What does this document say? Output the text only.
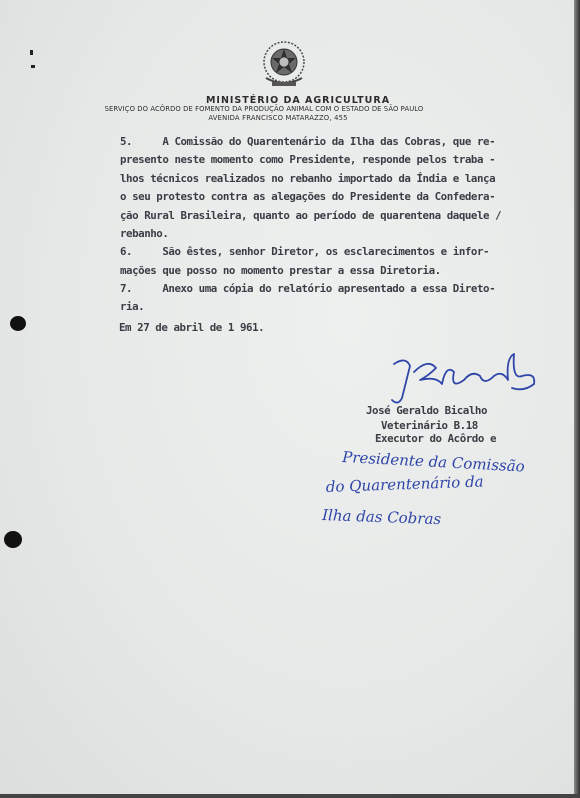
MINISTÉRIO DA AGRICULTURA
SERVIÇO DO ACÔRDO DE FOMENTO DA PRODUÇÃO ANIMAL COM O ESTADO DE SÃO PAULO
AVENIDA FRANCISCO MATARAZZO, 455
5.     A Comissão do Quarentenário da Ilha das Cobras, que re-
presento neste momento como Presidente, responde pelos traba -
lhos técnicos realizados no rebanho importado da Índia e lança
o seu protesto contra as alegações do Presidente da Confedera-
ção Rural Brasileira, quanto ao período de quarentena daquele /
rebanho.
6.     São êstes, senhor Diretor, os esclarecimentos e infor-
mações que posso no momento prestar a essa Diretoria.
7.     Anexo uma cópia do relatório apresentado a essa Direto-
ria.
Em 27 de abril de 1 961.
José Geraldo Bicalho
Veterinário B.18
Executor do Acôrdo e
Presidente da Comissão
do Quarentenário da
Ilha das Cobras
